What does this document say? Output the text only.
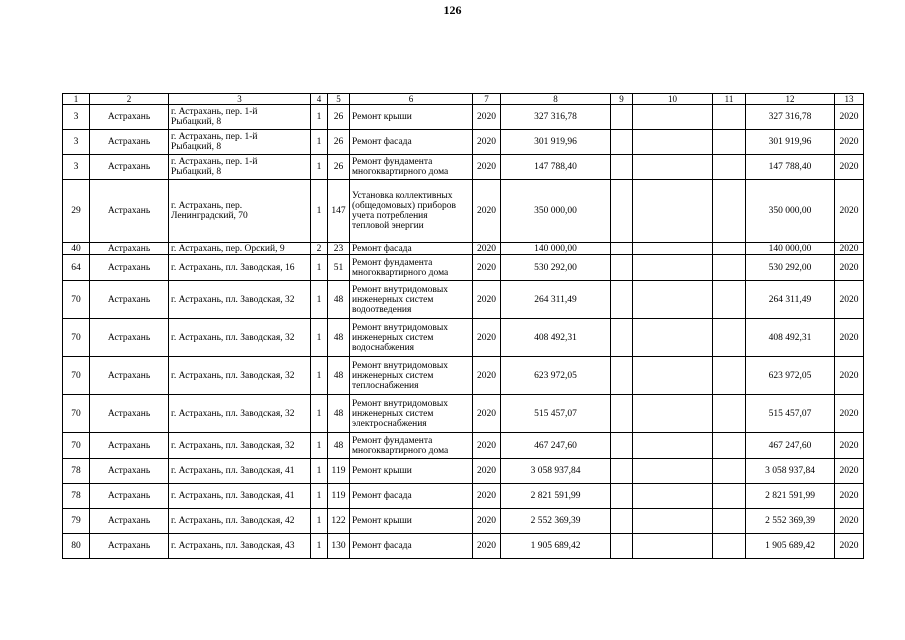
126
1	2	3	4	5	6	7	8	9	10	11	12	13
3	Астрахань	г. Астрахань, пер. 1-й
Рыбацкий, 8	1	26	Ремонт крыши	2020	327 316,78				327 316,78	2020
3	Астрахань	г. Астрахань, пер. 1-й
Рыбацкий, 8	1	26	Ремонт фасада	2020	301 919,96				301 919,96	2020
3	Астрахань	г. Астрахань, пер. 1-й
Рыбацкий, 8	1	26	Ремонт фундамента
многоквартирного дома	2020	147 788,40				147 788,40	2020
29	Астрахань	г. Астрахань, пер.
Ленинградский, 70	1	147	Установка коллективных
(общедомовых) приборов
учета потребления
тепловой энергии	2020	350 000,00				350 000,00	2020
40	Астрахань	г. Астрахань, пер. Орский, 9	2	23	Ремонт фасада	2020	140 000,00				140 000,00	2020
64	Астрахань	г. Астрахань, пл. Заводская, 16	1	51	Ремонт фундамента
многоквартирного дома	2020	530 292,00				530 292,00	2020
70	Астрахань	г. Астрахань, пл. Заводская, 32	1	48	Ремонт внутридомовых
инженерных систем
водоотведения	2020	264 311,49				264 311,49	2020
70	Астрахань	г. Астрахань, пл. Заводская, 32	1	48	Ремонт внутридомовых
инженерных систем
водоснабжения	2020	408 492,31				408 492,31	2020
70	Астрахань	г. Астрахань, пл. Заводская, 32	1	48	Ремонт внутридомовых
инженерных систем
теплоснабжения	2020	623 972,05				623 972,05	2020
70	Астрахань	г. Астрахань, пл. Заводская, 32	1	48	Ремонт внутридомовых
инженерных систем
электроснабжения	2020	515 457,07				515 457,07	2020
70	Астрахань	г. Астрахань, пл. Заводская, 32	1	48	Ремонт фундамента
многоквартирного дома	2020	467 247,60				467 247,60	2020
78	Астрахань	г. Астрахань, пл. Заводская, 41	1	119	Ремонт крыши	2020	3 058 937,84				3 058 937,84	2020
78	Астрахань	г. Астрахань, пл. Заводская, 41	1	119	Ремонт фасада	2020	2 821 591,99				2 821 591,99	2020
79	Астрахань	г. Астрахань, пл. Заводская, 42	1	122	Ремонт крыши	2020	2 552 369,39				2 552 369,39	2020
80	Астрахань	г. Астрахань, пл. Заводская, 43	1	130	Ремонт фасада	2020	1 905 689,42				1 905 689,42	2020
